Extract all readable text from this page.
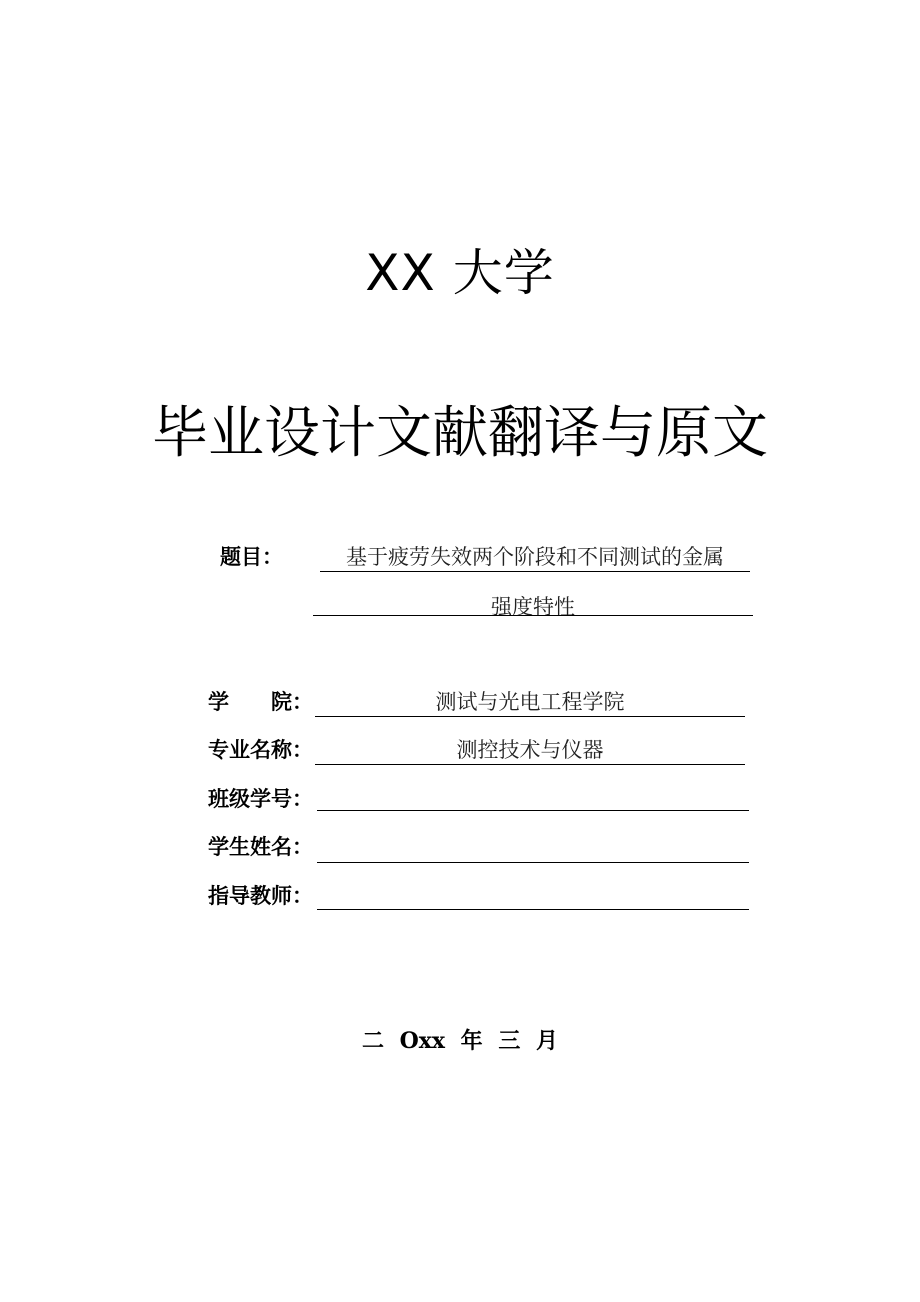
XX 大学
毕业设计文献翻译与原文
题目：	基于疲劳失效两个阶段和不同测试的金属
强度特性
学　　院：	测试与光电工程学院
专业名称：	测控技术与仪器
班级学号：
学生姓名：
指导教师：
二 Oxx 年 三 月
